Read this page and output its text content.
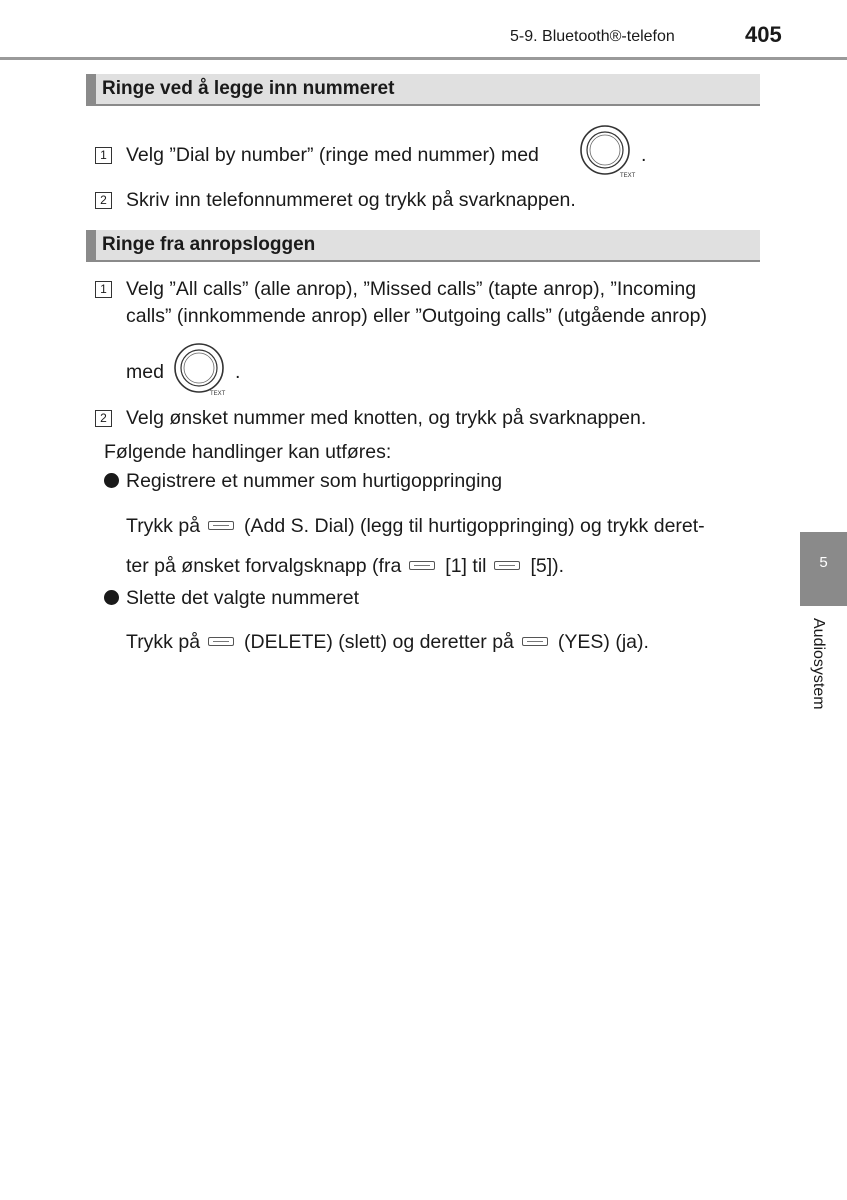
5-9. Bluetooth®-telefon	405
Ringe ved å legge inn nummeret
1 Velg ”Dial by number” (ringe med nummer) med
TEXT
.
2 Skriv inn telefonnummeret og trykk på svarknappen.
Ringe fra anropsloggen
1 Velg ”All calls” (alle anrop), ”Missed calls” (tapte anrop), ”Incoming
calls” (innkommende anrop) eller ”Outgoing calls” (utgående anrop)
med
TEXT
.
2 Velg ønsket nummer med knotten, og trykk på svarknappen.
Følgende handlinger kan utføres:
Registrere et nummer som hurtigoppringing
Trykk på (Add S. Dial) (legg til hurtigoppringing) og trykk deret-
ter på ønsket forvalgsknapp (fra [1] til [5]).
Slette det valgte nummeret
Trykk på (DELETE) (slett) og deretter på (YES) (ja).
5
Audiosystem
